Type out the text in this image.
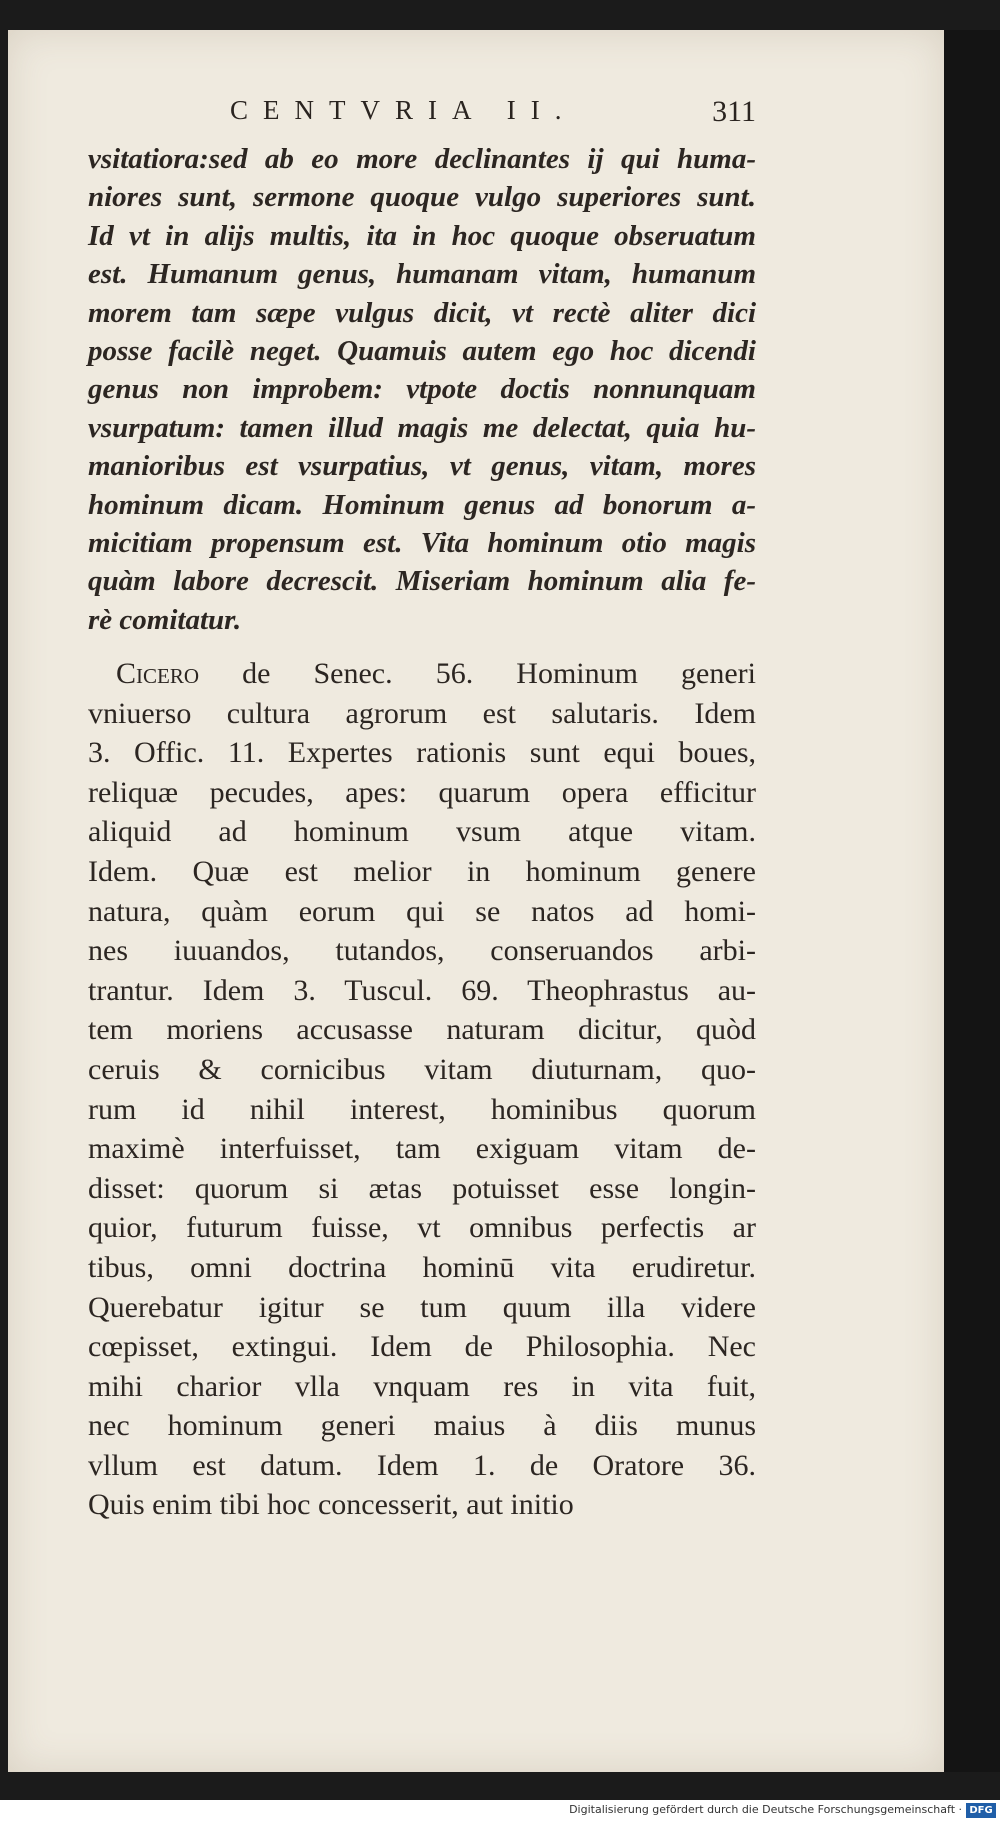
CENTVRIA II.	311

vsitatiora:sed ab eo more declinantes ij qui huma-
niores sunt, sermone quoque vulgo superiores sunt.
Id vt in alijs multis, ita in hoc quoque obseruatum
est. Humanum genus, humanam vitam, humanum
morem tam sæpe vulgus dicit, vt rectè aliter dici
posse facilè neget. Quamuis autem ego hoc dicendi
genus non improbem: vtpote doctis nonnunquam
vsurpatum: tamen illud magis me delectat, quia hu-
manioribus est vsurpatius, vt genus, vitam, mores
hominum dicam. Hominum genus ad bonorum a-
micitiam propensum est. Vita hominum otio magis
quàm labore decrescit. Miseriam hominum alia fe-
rè comitatur.

Cicero de Senec. 56. Hominum generi
vniuerso cultura agrorum est salutaris. Idem
3. Offic. 11. Expertes rationis sunt equi boues,
reliquæ pecudes, apes: quarum opera efficitur
aliquid ad hominum vsum atque vitam.
Idem. Quæ est melior in hominum genere
natura, quàm eorum qui se natos ad homi-
nes iuuandos, tutandos, conseruandos arbi-
trantur. Idem 3. Tuscul. 69. Theophrastus au-
tem moriens accusasse naturam dicitur, quòd
ceruis & cornicibus vitam diuturnam, quo-
rum id nihil interest, hominibus quorum
maximè interfuisset, tam exiguam vitam de-
disset: quorum si ætas potuisset esse longin-
quior, futurum fuisse, vt omnibus perfectis ar
tibus, omni doctrina hominū vita erudiretur.
Querebatur igitur se tum quum illa videre
cœpisset, extingui. Idem de Philosophia. Nec
mihi charior vlla vnquam res in vita fuit,
nec hominum generi maius à diis munus
vllum est datum. Idem 1. de Oratore 36.
Quis enim tibi hoc concesserit, aut initio

Digitalisierung gefördert durch die Deutsche Forschungsgemeinschaft · DFG
